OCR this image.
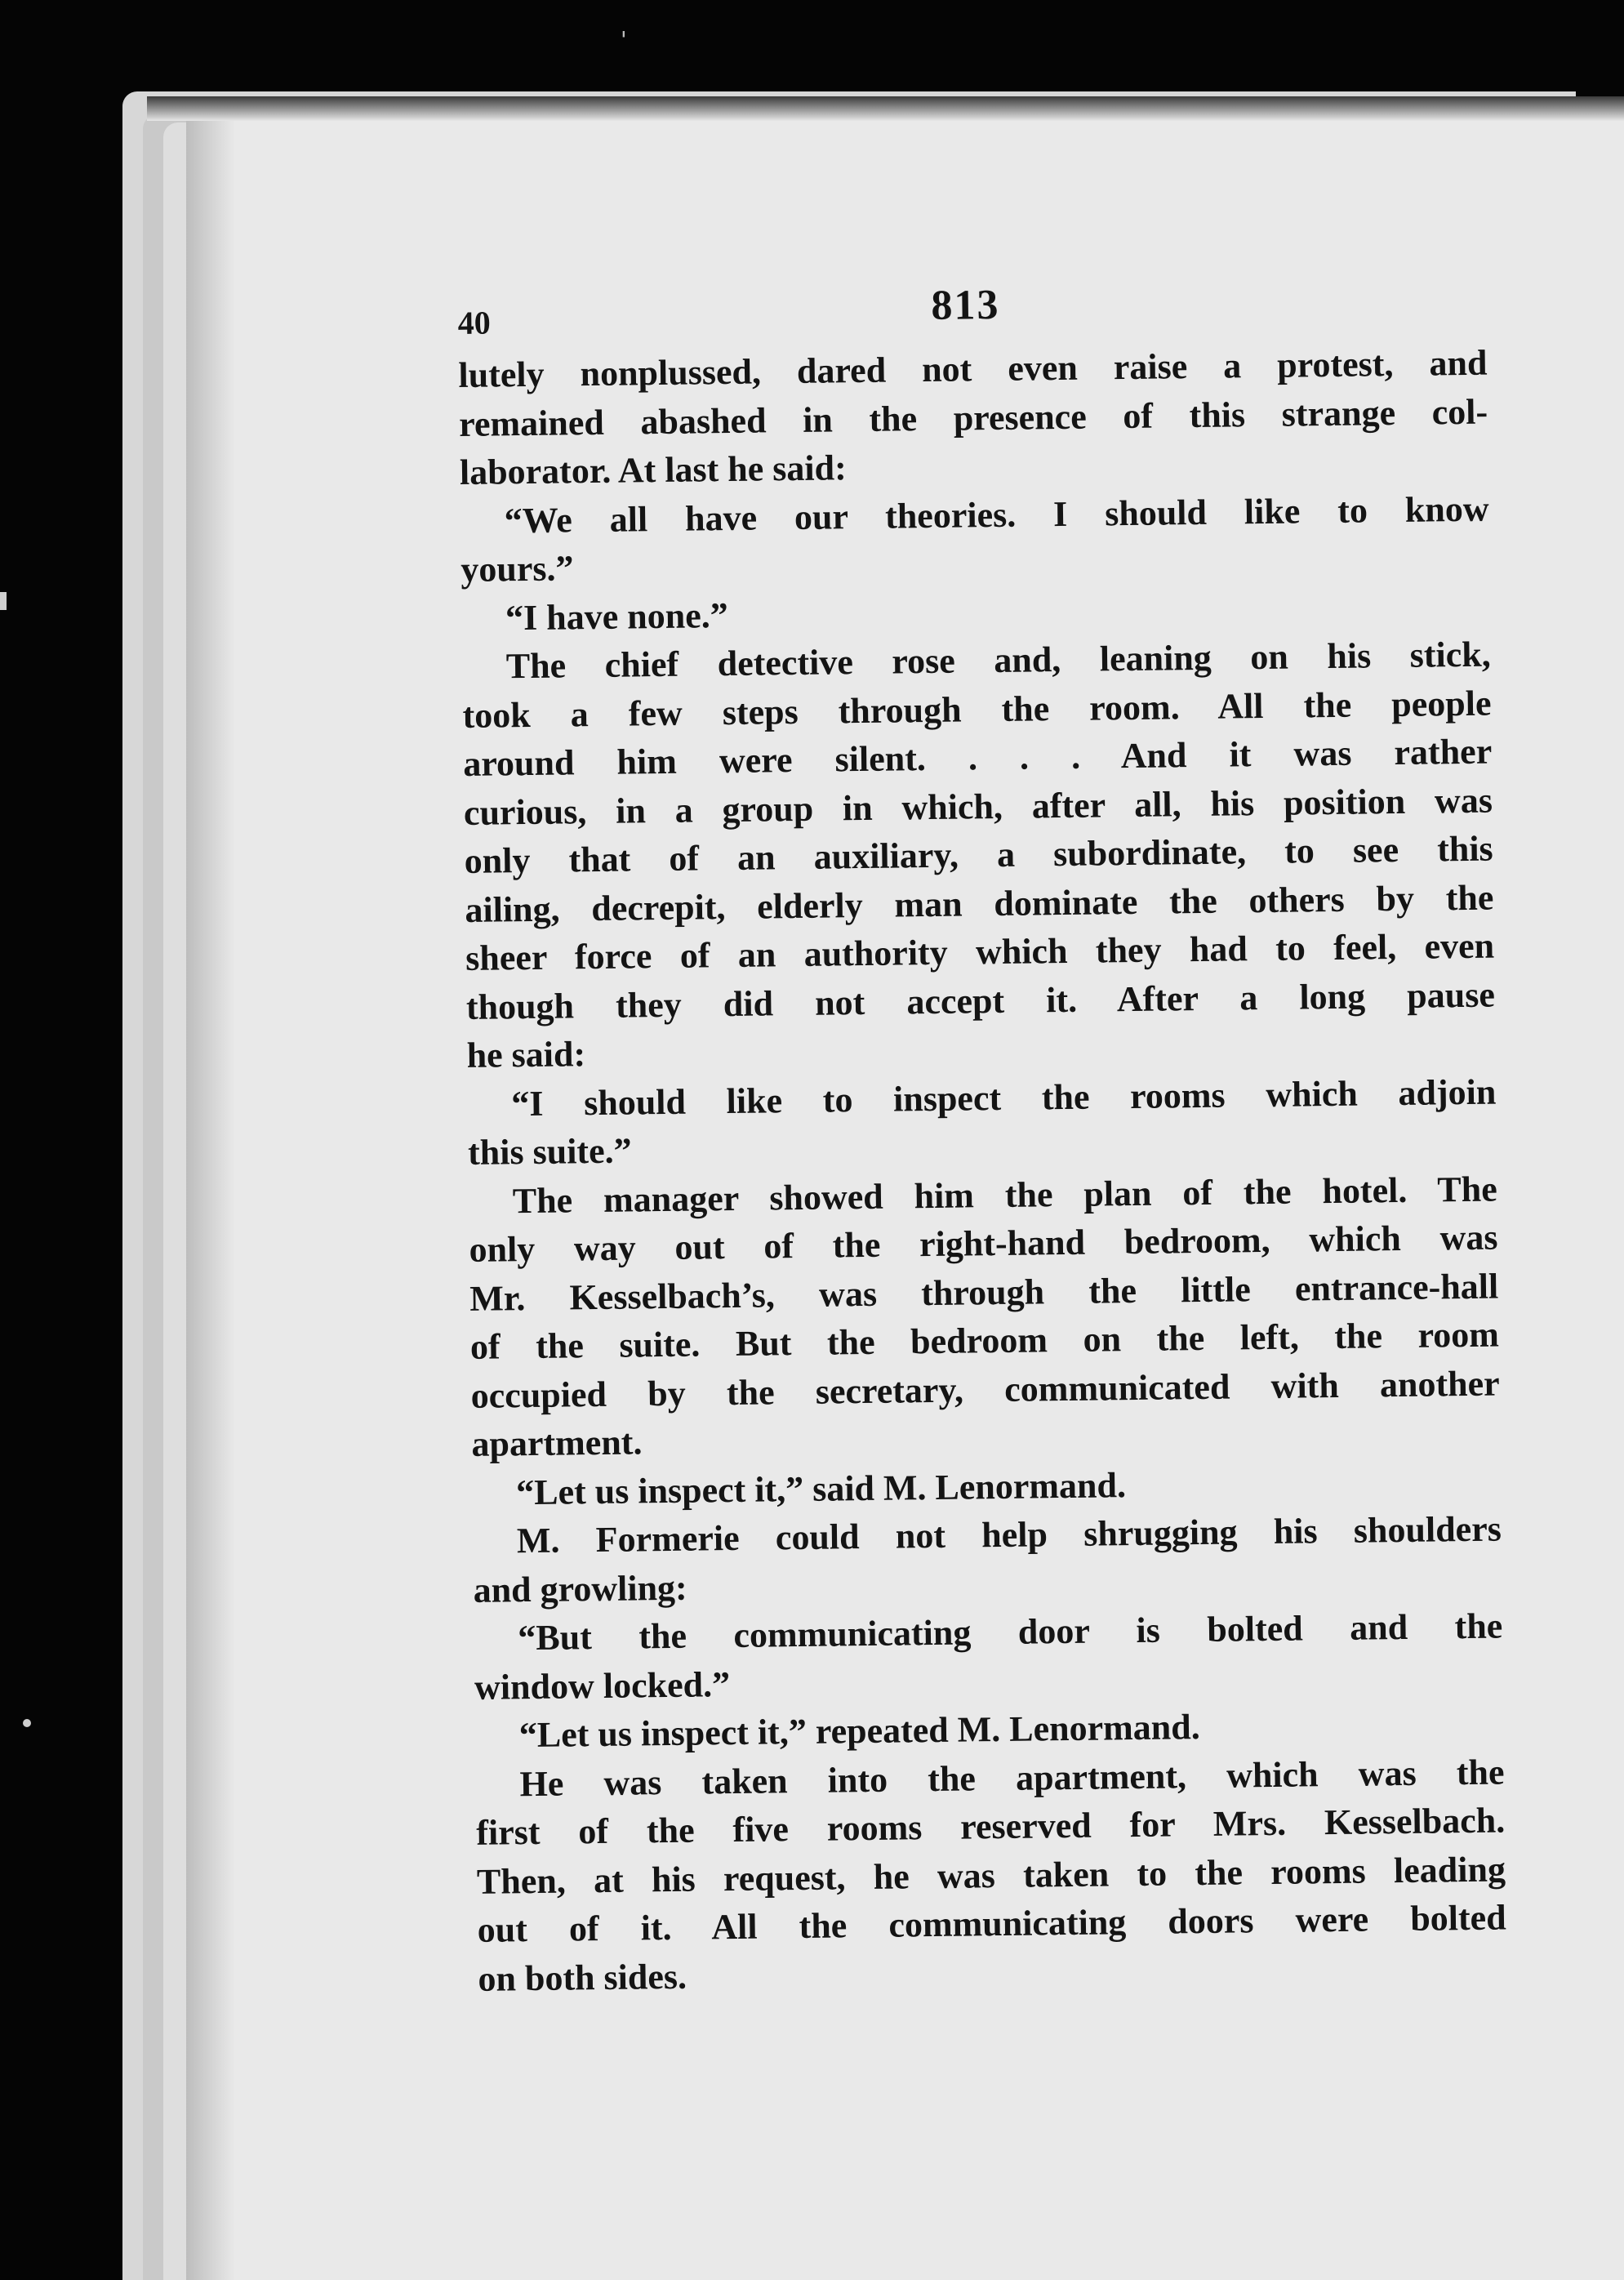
'
40	813
lutely nonplussed, dared not even raise a protest, and
remained abashed in the presence of this strange col-
laborator. At last he said:
“We all have our theories. I should like to know
yours.”
“I have none.”
The chief detective rose and, leaning on his stick,
took a few steps through the room. All the people
around him were silent. . . . And it was rather
curious, in a group in which, after all, his position was
only that of an auxiliary, a subordinate, to see this
ailing, decrepit, elderly man dominate the others by the
sheer force of an authority which they had to feel, even
though they did not accept it. After a long pause
he said:
“I should like to inspect the rooms which adjoin
this suite.”
The manager showed him the plan of the hotel. The
only way out of the right-hand bedroom, which was
Mr. Kesselbach’s, was through the little entrance-hall
of the suite. But the bedroom on the left, the room
occupied by the secretary, communicated with another
apartment.
“Let us inspect it,” said M. Lenormand.
M. Formerie could not help shrugging his shoulders
and growling:
“But the communicating door is bolted and the
window locked.”
“Let us inspect it,” repeated M. Lenormand.
He was taken into the apartment, which was the
first of the five rooms reserved for Mrs. Kesselbach.
Then, at his request, he was taken to the rooms leading
out of it. All the communicating doors were bolted
on both sides.
